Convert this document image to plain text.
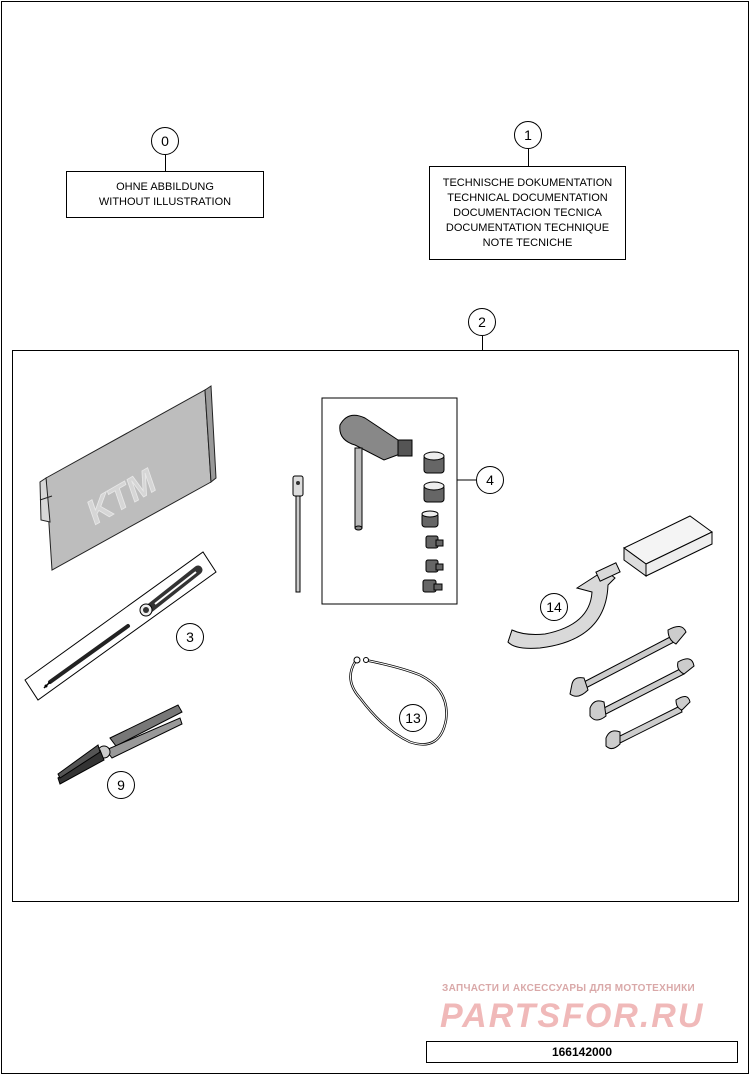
0
OHNE ABBILDUNG
WITHOUT ILLUSTRATION
1
TECHNISCHE DOKUMENTATION
TECHNICAL DOCUMENTATION
DOCUMENTACION TECNICA
DOCUMENTATION TECHNIQUE
NOTE TECNICHE
2
KTM	4
3
9
13
14
ЗАПЧАСТИ И АКСЕССУАРЫ ДЛЯ МОТОТЕХНИКИ
PARTSFOR.RU
166142000
